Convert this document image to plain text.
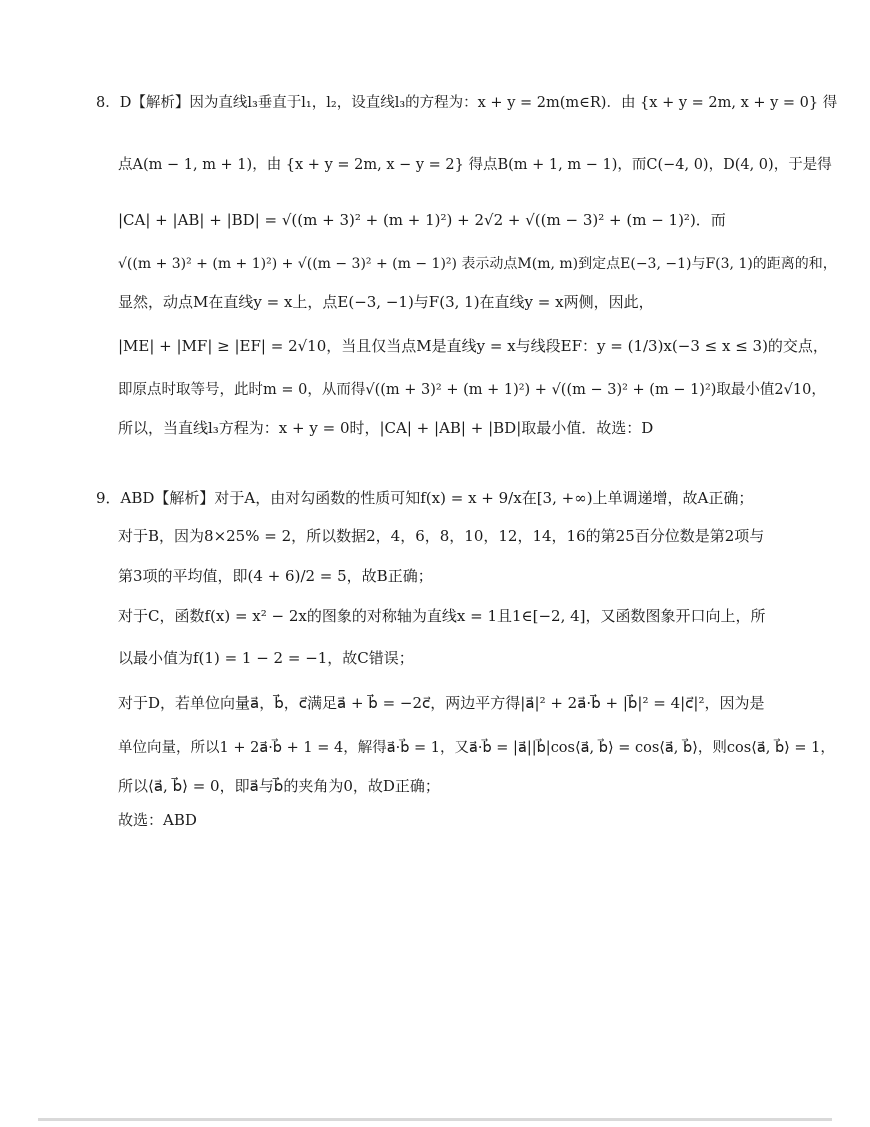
8．D【解析】因为直线l₃垂直于l₁，l₂，设直线l₃的方程为：x + y = 2m(m∈R)．由 {x + y = 2m, x + y = 0} 得
点A(m − 1, m + 1)，由 {x + y = 2m, x − y = 2} 得点B(m + 1, m − 1)，而C(−4, 0)，D(4, 0)，于是得
|CA| + |AB| + |BD| = √((m + 3)² + (m + 1)²) + 2√2 + √((m − 3)² + (m − 1)²)．而
√((m + 3)² + (m + 1)²) + √((m − 3)² + (m − 1)²) 表示动点M(m, m)到定点E(−3, −1)与F(3, 1)的距离的和，
显然，动点M在直线y = x上，点E(−3, −1)与F(3, 1)在直线y = x两侧，因此，
|ME| + |MF| ≥ |EF| = 2√10，当且仅当点M是直线y = x与线段EF：y = (1/3)x(−3 ≤ x ≤ 3)的交点，
即原点时取等号，此时m = 0，从而得√((m + 3)² + (m + 1)²) + √((m − 3)² + (m − 1)²)取最小值2√10，
所以，当直线l₃方程为：x + y = 0时，|CA| + |AB| + |BD|取最小值．故选：D
9．ABD【解析】对于A，由对勾函数的性质可知f(x) = x + 9/x在[3, +∞)上单调递增，故A正确；
对于B，因为8×25% = 2，所以数据2，4，6，8，10，12，14，16的第25百分位数是第2项与
第3项的平均值，即(4 + 6)/2 = 5，故B正确；
对于C，函数f(x) = x² − 2x的图象的对称轴为直线x = 1且1∈[−2, 4]，又函数图象开口向上，所
以最小值为f(1) = 1 − 2 = −1，故C错误；
对于D，若单位向量a⃗，b⃗，c⃗满足a⃗ + b⃗ = −2c⃗，两边平方得|a⃗|² + 2a⃗·b⃗ + |b⃗|² = 4|c⃗|²，因为是
单位向量，所以1 + 2a⃗·b⃗ + 1 = 4，解得a⃗·b⃗ = 1，又a⃗·b⃗ = |a⃗||b⃗|cos⟨a⃗, b⃗⟩ = cos⟨a⃗, b⃗⟩，则cos⟨a⃗, b⃗⟩ = 1，
所以⟨a⃗, b⃗⟩ = 0，即a⃗与b⃗的夹角为0，故D正确；
故选：ABD
